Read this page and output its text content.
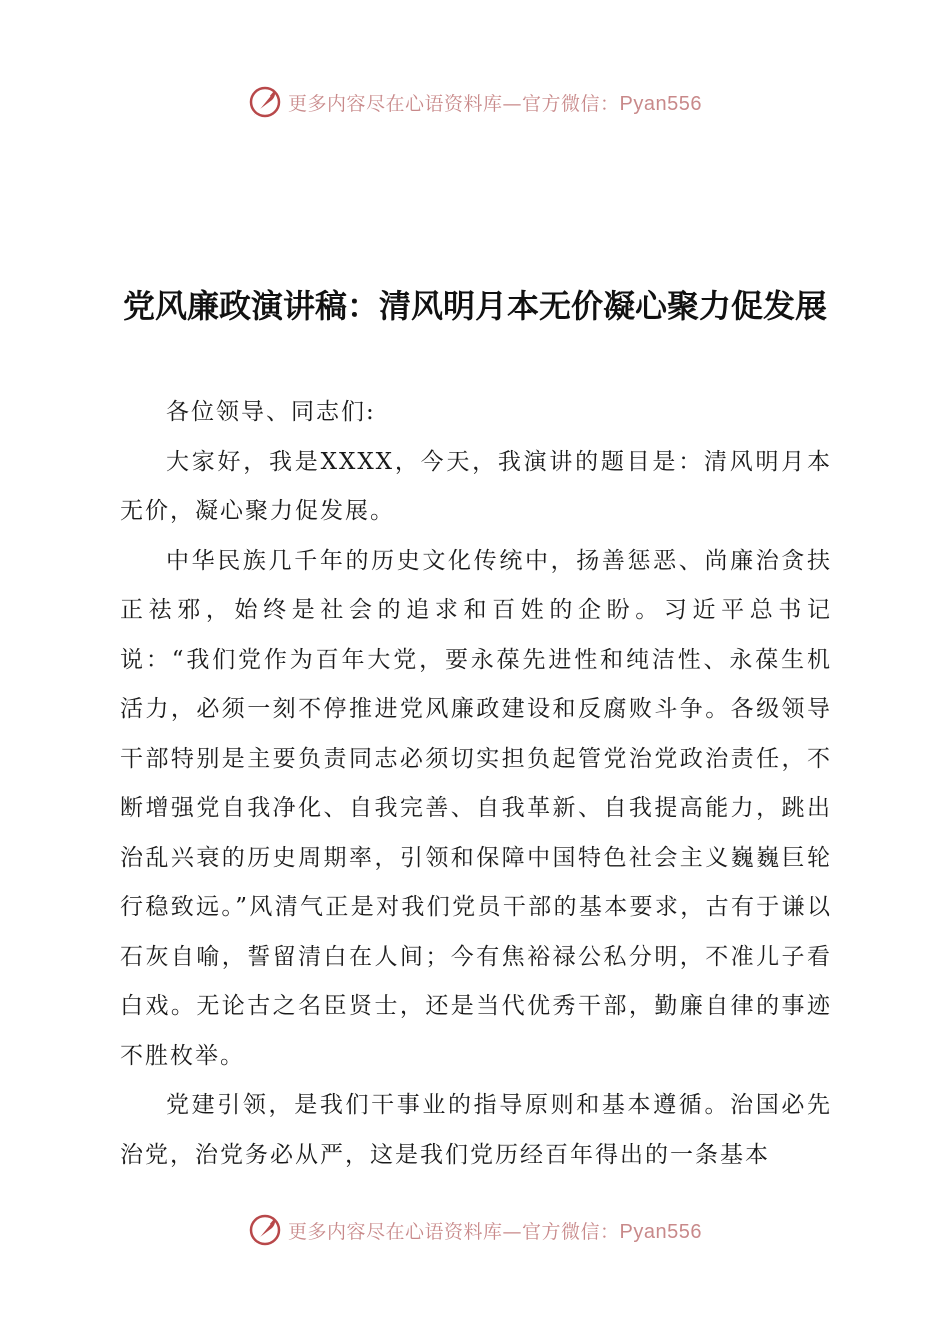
更多内容尽在心语资料库—官方微信：Pyan556
党风廉政演讲稿：清风明月本无价凝心聚力促发展

各位领导、同志们:

大家好，我是XXXX，今天，我演讲的题目是：清风明月本无价，凝心聚力促发展。

中华民族几千年的历史文化传统中，扬善惩恶、尚廉治贪扶正祛邪，始终是社会的追求和百姓的企盼。习近平总书记说：“我们党作为百年大党，要永葆先进性和纯洁性、永葆生机活力，必须一刻不停推进党风廉政建设和反腐败斗争。各级领导干部特别是主要负责同志必须切实担负起管党治党政治责任，不断增强党自我净化、自我完善、自我革新、自我提高能力，跳出治乱兴衰的历史周期率，引领和保障中国特色社会主义巍巍巨轮行稳致远。”风清气正是对我们党员干部的基本要求，古有于谦以石灰自喻，誓留清白在人间；今有焦裕禄公私分明，不准儿子看白戏。无论古之名臣贤士，还是当代优秀干部，勤廉自律的事迹不胜枚举。

党建引领，是我们干事业的指导原则和基本遵循。治国必先治党，治党务必从严，这是我们党历经百年得出的一条基本

更多内容尽在心语资料库—官方微信：Pyan556
